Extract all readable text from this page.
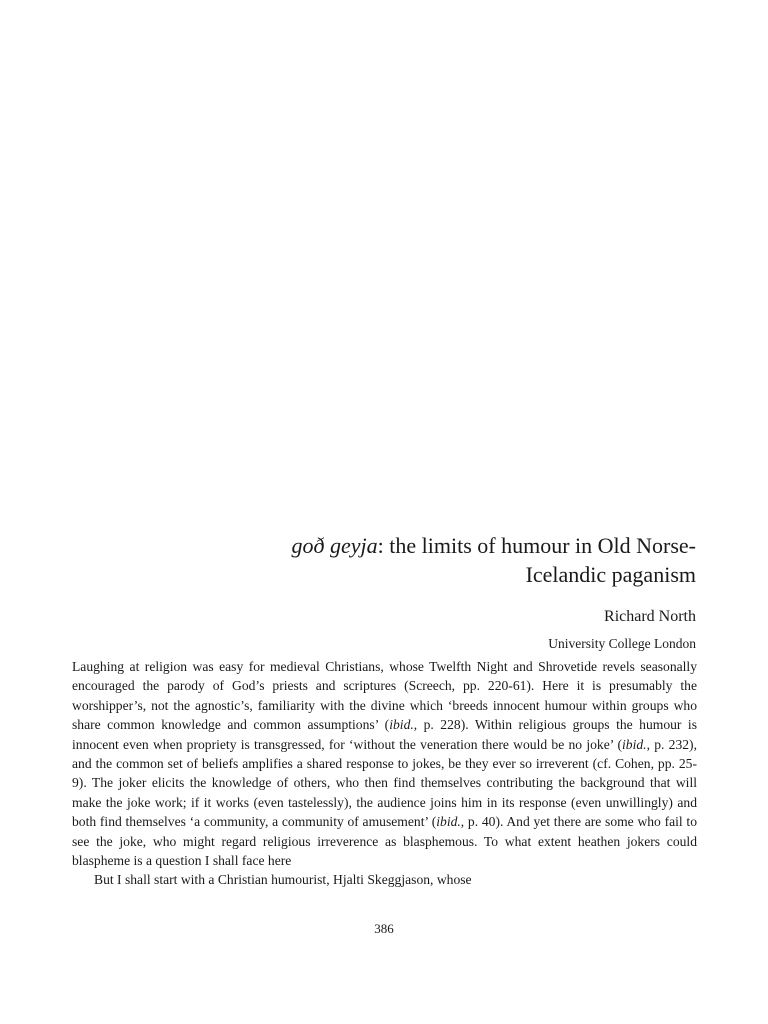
goð geyja: the limits of humour in Old Norse-
Icelandic paganism
Richard North
University College London

Laughing at religion was easy for medieval Christians, whose Twelfth Night and Shrovetide revels seasonally encouraged the parody of God’s priests and scriptures (Screech, pp. 220-61). Here it is presumably the worshipper’s, not the agnostic’s, familiarity with the divine which ‘breeds innocent humour within groups who share common knowledge and common assumptions’ (ibid., p. 228). Within religious groups the humour is innocent even when propriety is transgressed, for ‘without the veneration there would be no joke’ (ibid., p. 232), and the common set of beliefs amplifies a shared response to jokes, be they ever so irreverent (cf. Cohen, pp. 25-9). The joker elicits the knowledge of others, who then find themselves contributing the background that will make the joke work; if it works (even tastelessly), the audience joins him in its response (even unwillingly) and both find themselves ‘a community, a community of amusement’ (ibid., p. 40). And yet there are some who fail to see the joke, who might regard religious irreverence as blasphemous. To what extent heathen jokers could blaspheme is a question I shall face here

But I shall start with a Christian humourist, Hjalti Skeggjason, whose

386
